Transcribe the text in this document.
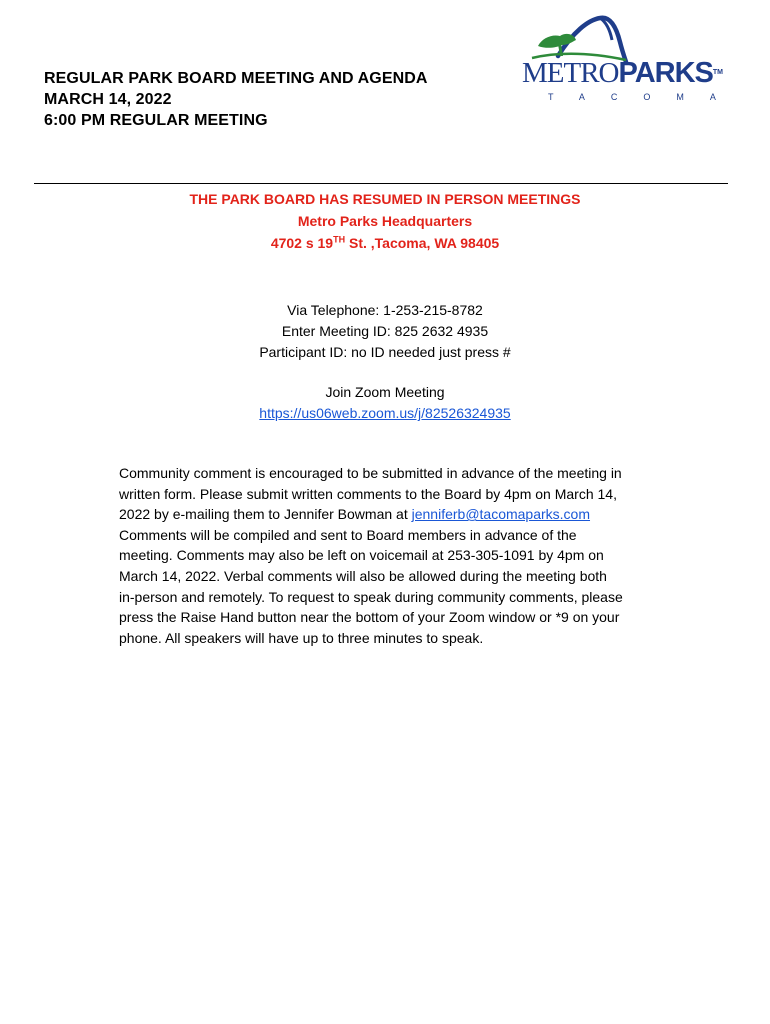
REGULAR PARK BOARD MEETING AND AGENDA
MARCH 14, 2022
6:00 PM REGULAR MEETING
METROPARKS™
TACOMA
THE PARK BOARD HAS RESUMED IN PERSON MEETINGS
Metro Parks Headquarters
4702 s 19TH St. ,Tacoma, WA 98405
Via Telephone: 1-253-215-8782
Enter Meeting ID: 825 2632 4935
Participant ID: no ID needed just press #
Join Zoom Meeting
https://us06web.zoom.us/j/82526324935
Community comment is encouraged to be submitted in advance of the meeting in
written form. Please submit written comments to the Board by 4pm on March 14,
2022 by e-mailing them to Jennifer Bowman at jenniferb@tacomaparks.com
Comments will be compiled and sent to Board members in advance of the
meeting. Comments may also be left on voicemail at 253-305-1091 by 4pm on
March 14, 2022. Verbal comments will also be allowed during the meeting both
in-person and remotely. To request to speak during community comments, please
press the Raise Hand button near the bottom of your Zoom window or *9 on your
phone. All speakers will have up to three minutes to speak.
